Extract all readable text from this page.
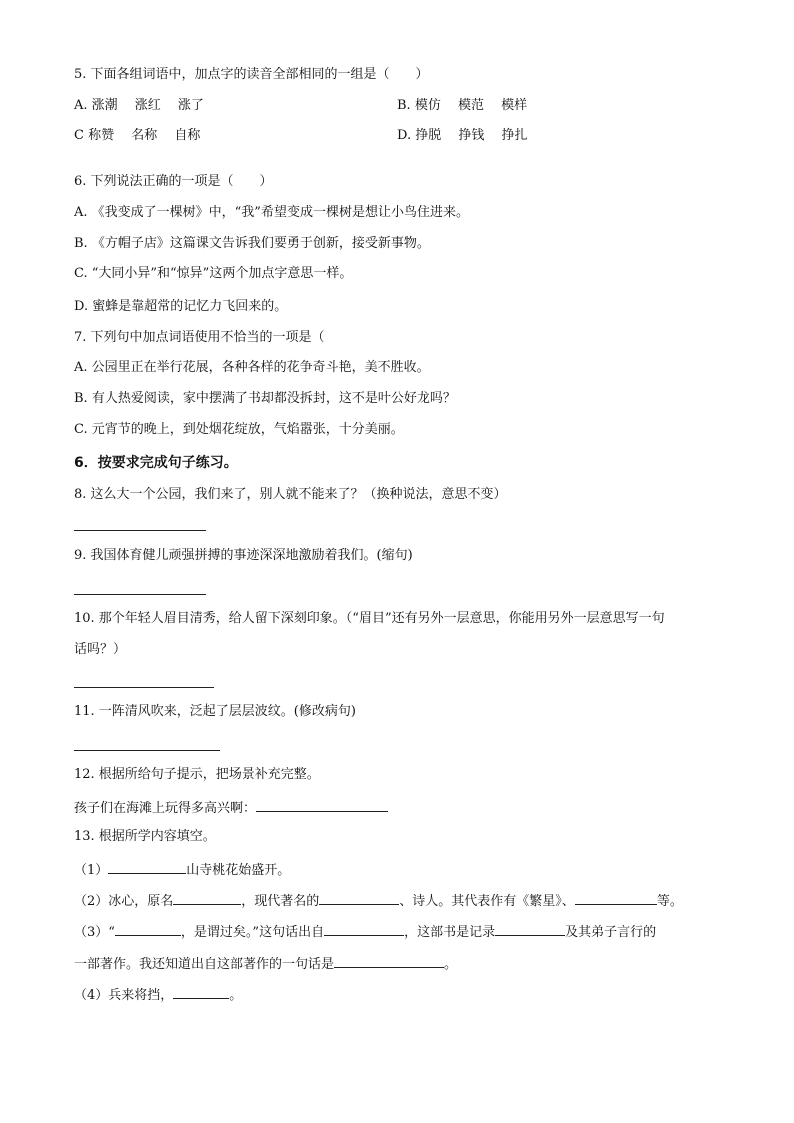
5. 下面各组词语中，加点字的读音全部相同的一组是（　　）
A. 涨潮　 涨红　 涨了	B. 模仿　 模范　 模样
C 称赞　 名称　 自称	D. 挣脱　 挣钱　 挣扎
6. 下列说法正确的一项是（　　）
A. 《我变成了一棵树》中，“我”希望变成一棵树是想让小鸟住进来。
B. 《方帽子店》这篇课文告诉我们要勇于创新，接受新事物。
C. “大同小异”和“惊异”这两个加点字意思一样。
D. 蜜蜂是靠超常的记忆力飞回来的。
7. 下列句中加点词语使用不恰当的一项是（
A. 公园里正在举行花展，各种各样的花争奇斗艳，美不胜收。
B. 有人热爱阅读，家中摆满了书却都没拆封，这不是叶公好龙吗？
C. 元宵节的晚上，到处烟花绽放，气焰嚣张，十分美丽。
6．按要求完成句子练习。
8. 这么大一个公园，我们来了，别人就不能来了？（换种说法，意思不变）
9. 我国体育健儿顽强拼搏的事迹深深地激励着我们。(缩句)
10. 那个年轻人眉目清秀，给人留下深刻印象。（“眉目”还有另外一层意思，你能用另外一层意思写一句
话吗？）
11. 一阵清风吹来，泛起了层层波纹。(修改病句)
12. 根据所给句子提示，把场景补充完整。
孩子们在海滩上玩得多高兴啊：
13. 根据所学内容填空。
（1）	山寺桃花始盛开。
（2）冰心，原名	，现代著名的	、诗人。其代表作有《繁星》、	等。
（3）“	，是谓过矣。”这句话出自	，这部书是记录	及其弟子言行的
一部著作。我还知道出自这部著作的一句话是	。
（4）兵来将挡，	。
